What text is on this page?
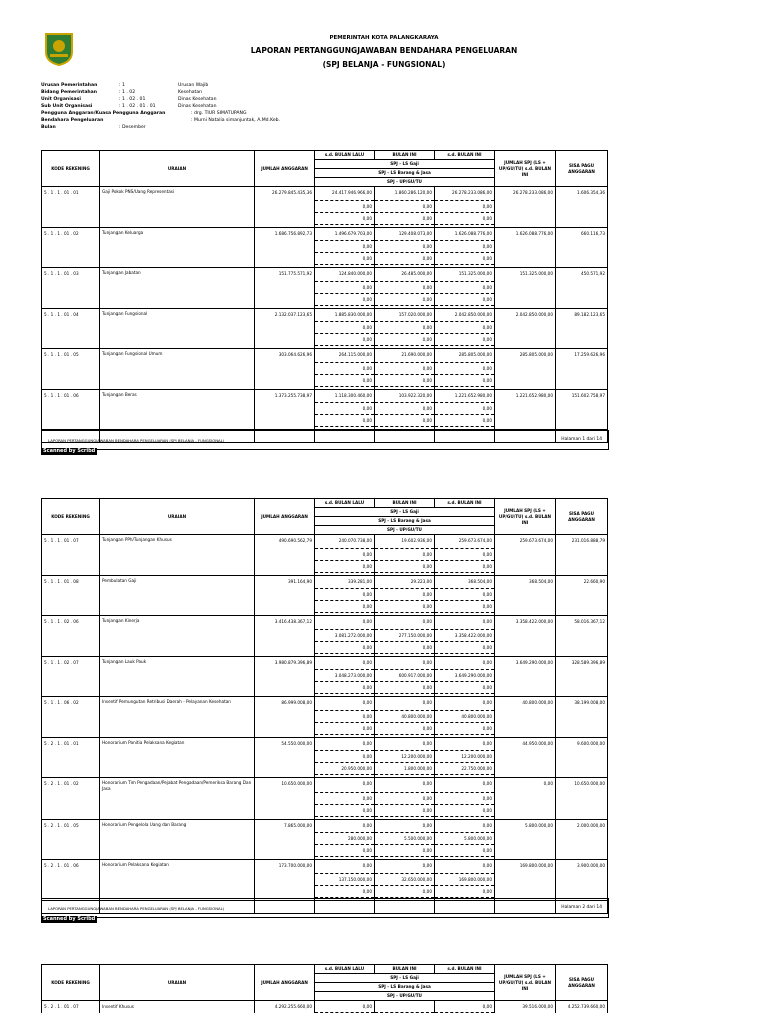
PEMERINTAH KOTA PALANGKARAYA
LAPORAN PERTANGGUNGJAWABAN BENDAHARA PENGELUARAN
(SPJ BELANJA - FUNGSIONAL)
Urusan Pemerintahan	: 1	Urusan Wajib
Bidang Pemerintahan	: 1 . 02	Kesehatan
Unit Organisasi	: 1 . 02 . 01	Dinas Kesehatan
Sub Unit Organisasi	: 1 . 02 . 01 . 01	Dinas Kesehatan
Pengguna Anggaran/Kuasa Pengguna Anggaran	: drg. TIUR SIMATUPANG
Bendahara Pengeluaran	: Murni Natalia simanjuntak, A.Md.Keb.
Bulan	: Desember
KODE REKENING	URAIAN	JUMLAH ANGGARAN	s.d. BULAN LALU	BULAN INI	s.d. BULAN INI	JUMLAH SPJ (LS + UP/GU/TU) s.d. BULAN INI	SISA PAGU ANGGARAN
			SPJ - LS Gaji				
			SPJ - LS Barang & Jasa				
			SPJ - UP/GU/TU				
5 . 1 . 1 . 01 . 01	Gaji Pokok PNS/Uang Representasi	26.279.845.435,36	24.417.946.966,00	1.860.286.120,00	26.278.233.086,00	26.278.233.086,00	1.606.354,36
			0,00	0,00	0,00		
			0,00	0,00	0,00		

5 . 1 . 1 . 01 . 02	Tunjangan Keluarga	1.686.756.892,73	1.496.679.703,00	129.408.073,00	1.626.088.776,00	1.626.088.776,00	660.116,73
			0,00	0,00	0,00		
			0,00	0,00	0,00		

5 . 1 . 1 . 01 . 03	Tunjangan Jabatan	151.775.571,92	124.840.000,00	26.485.000,00	151.325.000,00	151.325.000,00	450.571,92
			0,00	0,00	0,00		
			0,00	0,00	0,00		

5 . 1 . 1 . 01 . 04	Tunjangan Fungsional	2.132.037.123,65	1.885.830.000,00	157.020.000,00	2.042.850.000,00	2.042.850.000,00	89.182.123,65
			0,00	0,00	0,00		
			0,00	0,00	0,00		

5 . 1 . 1 . 01 . 05	Tunjangan Fungsional Umum	303.064.626,96	264.115.000,00	21.690.000,00	285.805.000,00	285.805.000,00	17.259.626,96
			0,00	0,00	0,00		
			0,00	0,00	0,00		

5 . 1 . 1 . 01 . 06	Tunjangan Beras	1.373.255.738,97	1.118.300.460,00	103.922.320,00	1.221.652.980,00	1.221.652.980,00	151.602.758,97
			0,00	0,00	0,00		
			0,00	0,00	0,00		

LAPORAN PERTANGGUNGJAWABAN BENDAHARA PENGELUARAN (SPJ BELANJA - FUNGSIONAL)	Halaman 1 dari 14
Scanned by Scribd
KODE REKENING	URAIAN	JUMLAH ANGGARAN	s.d. BULAN LALU	BULAN INI	s.d. BULAN INI	JUMLAH SPJ (LS + UP/GU/TU) s.d. BULAN INI	SISA PAGU ANGGARAN
			SPJ - LS Gaji				
			SPJ - LS Barang & Jasa				
			SPJ - UP/GU/TU				
5 . 1 . 1 . 01 . 07	Tunjangan PPh/Tunjangan Khusus	490.690.562,79	240.070.738,00	19.602.936,00	259.673.674,00	259.673.674,00	231.016.888,79
			0,00	0,00	0,00		
			0,00	0,00	0,00		

5 . 1 . 1 . 01 . 08	Pembulatan Gaji	391.164,90	339.281,00	29.223,00	368.504,00	368.504,00	22.660,90
			0,00	0,00	0,00		
			0,00	0,00	0,00		

5 . 1 . 1 . 02 . 06	Tunjangan Kinerja	3.416.438.367,12	0,00	0,00	0,00	3.358.422.000,00	58.016.367,12
			3.081.272.000,00	277.150.000,00	3.358.422.000,00		
			0,00	0,00	0,00		

5 . 1 . 1 . 02 . 07	Tunjangan Lauk Pauk	3.980.879.396,89	0,00	0,00	0,00	3.649.290.000,00	328.589.396,89
			3.048.273.000,00	600.917.000,00	3.649.290.000,00		
			0,00	0,00	0,00		

5 . 1 . 1 . 06 . 02	Insentif Pemungutan Retribusi Daerah - Pelayanan Kesehatan	86.999.008,00	0,00	0,00	0,00	40.800.000,00	38.199.008,00
			0,00	40.800.000,00	40.800.000,00		
			0,00	0,00	0,00		

5 . 2 . 1 . 01 . 01	Honorarium Panitia Pelaksana Kegiatan	54.550.000,00	0,00	0,00	0,00	44.950.000,00	9.600.000,00
			0,00	12.200.000,00	12.200.000,00		
			20.950.000,00	1.800.000,00	22.750.000,00		

5 . 2 . 1 . 01 . 02	Honorarium Tim Pengadaan/Pejabat Pengadaan/Pemeriksa Barang Dan Jasa	10.650.000,00	0,00	0,00	0,00	0,00	10.650.000,00
			0,00	0,00	0,00		
			0,00	0,00	0,00		

5 . 2 . 1 . 01 . 05	Honorarium Pengelola Uang dan Barang	7.865.000,00	0,00	0,00	0,00	5.800.000,00	2.000.000,00
			280.000,00	5.500.000,00	5.800.000,00		
			0,00	0,00	0,00		

5 . 2 . 1 . 01 . 06	Honorarium Pelaksana Kegiatan	173.700.000,00	0,00	0,00	0,00	169.800.000,00	3.900.000,00
			137.150.000,00	32.650.000,00	169.800.000,00		
			0,00	0,00	0,00		

LAPORAN PERTANGGUNGJAWABAN BENDAHARA PENGELUARAN (SPJ BELANJA - FUNGSIONAL)	Halaman 2 dari 14
Scanned by Scribd
KODE REKENING	URAIAN	JUMLAH ANGGARAN	s.d. BULAN LALU	BULAN INI	s.d. BULAN INI	JUMLAH SPJ (LS + UP/GU/TU) s.d. BULAN INI	SISA PAGU ANGGARAN
			SPJ - LS Gaji				
			SPJ - LS Barang & Jasa				
			SPJ - UP/GU/TU				
5 . 2 . 1 . 01 . 07	Insentif Khusus	4.292.255.660,00	0,00		0,00	39.516.000,00	4.252.739.660,00
